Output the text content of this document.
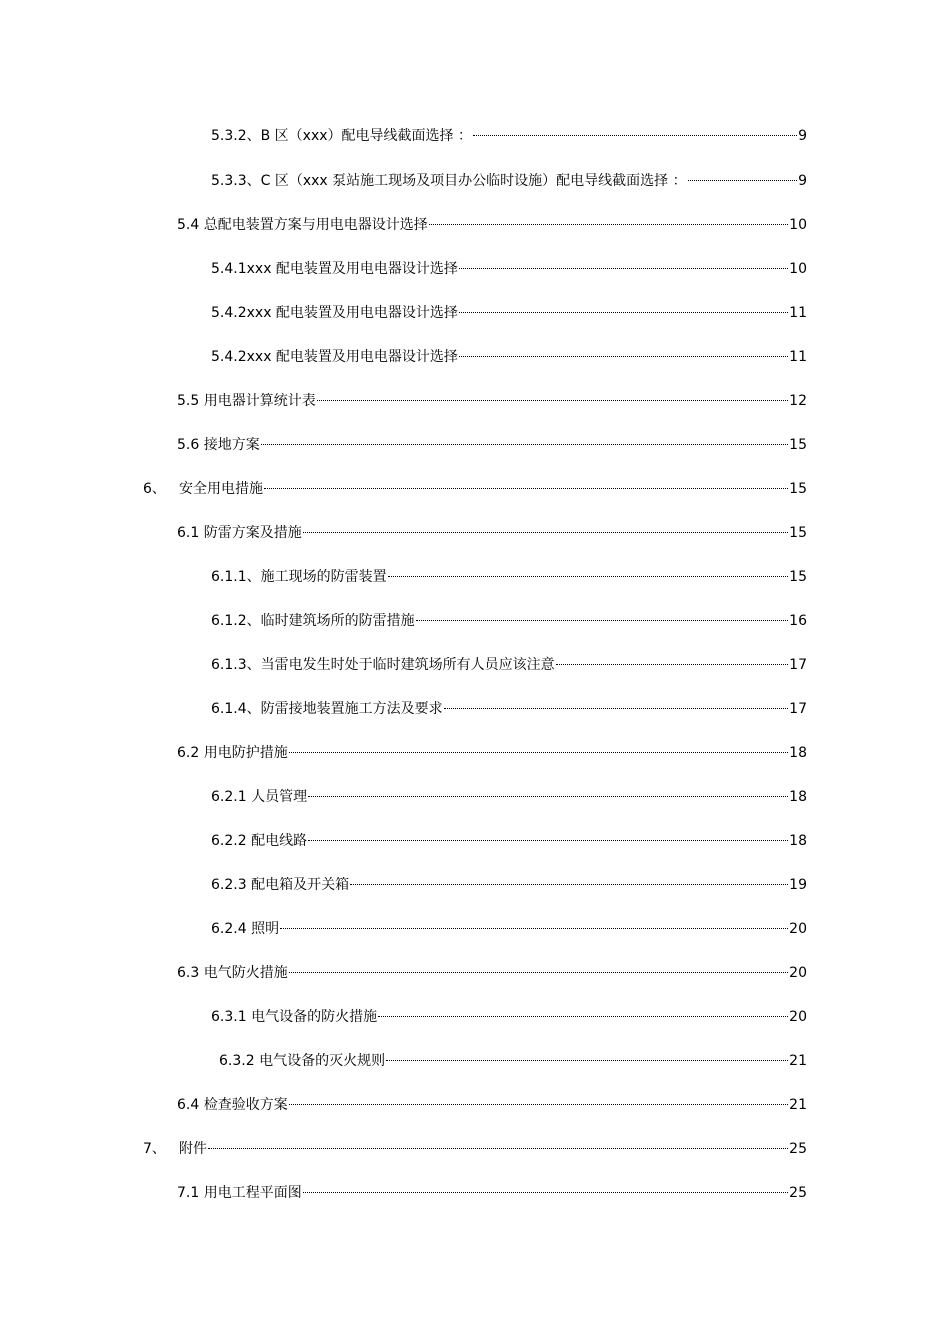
5.3.2、B 区（xxx）配电导线截面选择 ：	9
5.3.3、C 区（xxx 泵站施工现场及项目办公临时设施）配电导线截面选择 ：	9
5.4 总配电装置方案与用电电器设计选择	10
5.4.1xxx 配电装置及用电电器设计选择	10
5.4.2xxx 配电装置及用电电器设计选择	11
5.4.2xxx 配电装置及用电电器设计选择	11
5.5 用电器计算统计表	12
5.6 接地方案	15
6、 安全用电措施	15
6.1 防雷方案及措施	15
6.1.1、施工现场的防雷装置	15
6.1.2、临时建筑场所的防雷措施	16
6.1.3、当雷电发生时处于临时建筑场所有人员应该注意	17
6.1.4、防雷接地装置施工方法及要求	17
6.2 用电防护措施	18
6.2.1 人员管理	18
6.2.2 配电线路	18
6.2.3 配电箱及开关箱	19
6.2.4 照明	20
6.3 电气防火措施	20
6.3.1 电气设备的防火措施	20
6.3.2 电气设备的灭火规则	21
6.4 检查验收方案	21
7、 附件	25
7.1 用电工程平面图	25
